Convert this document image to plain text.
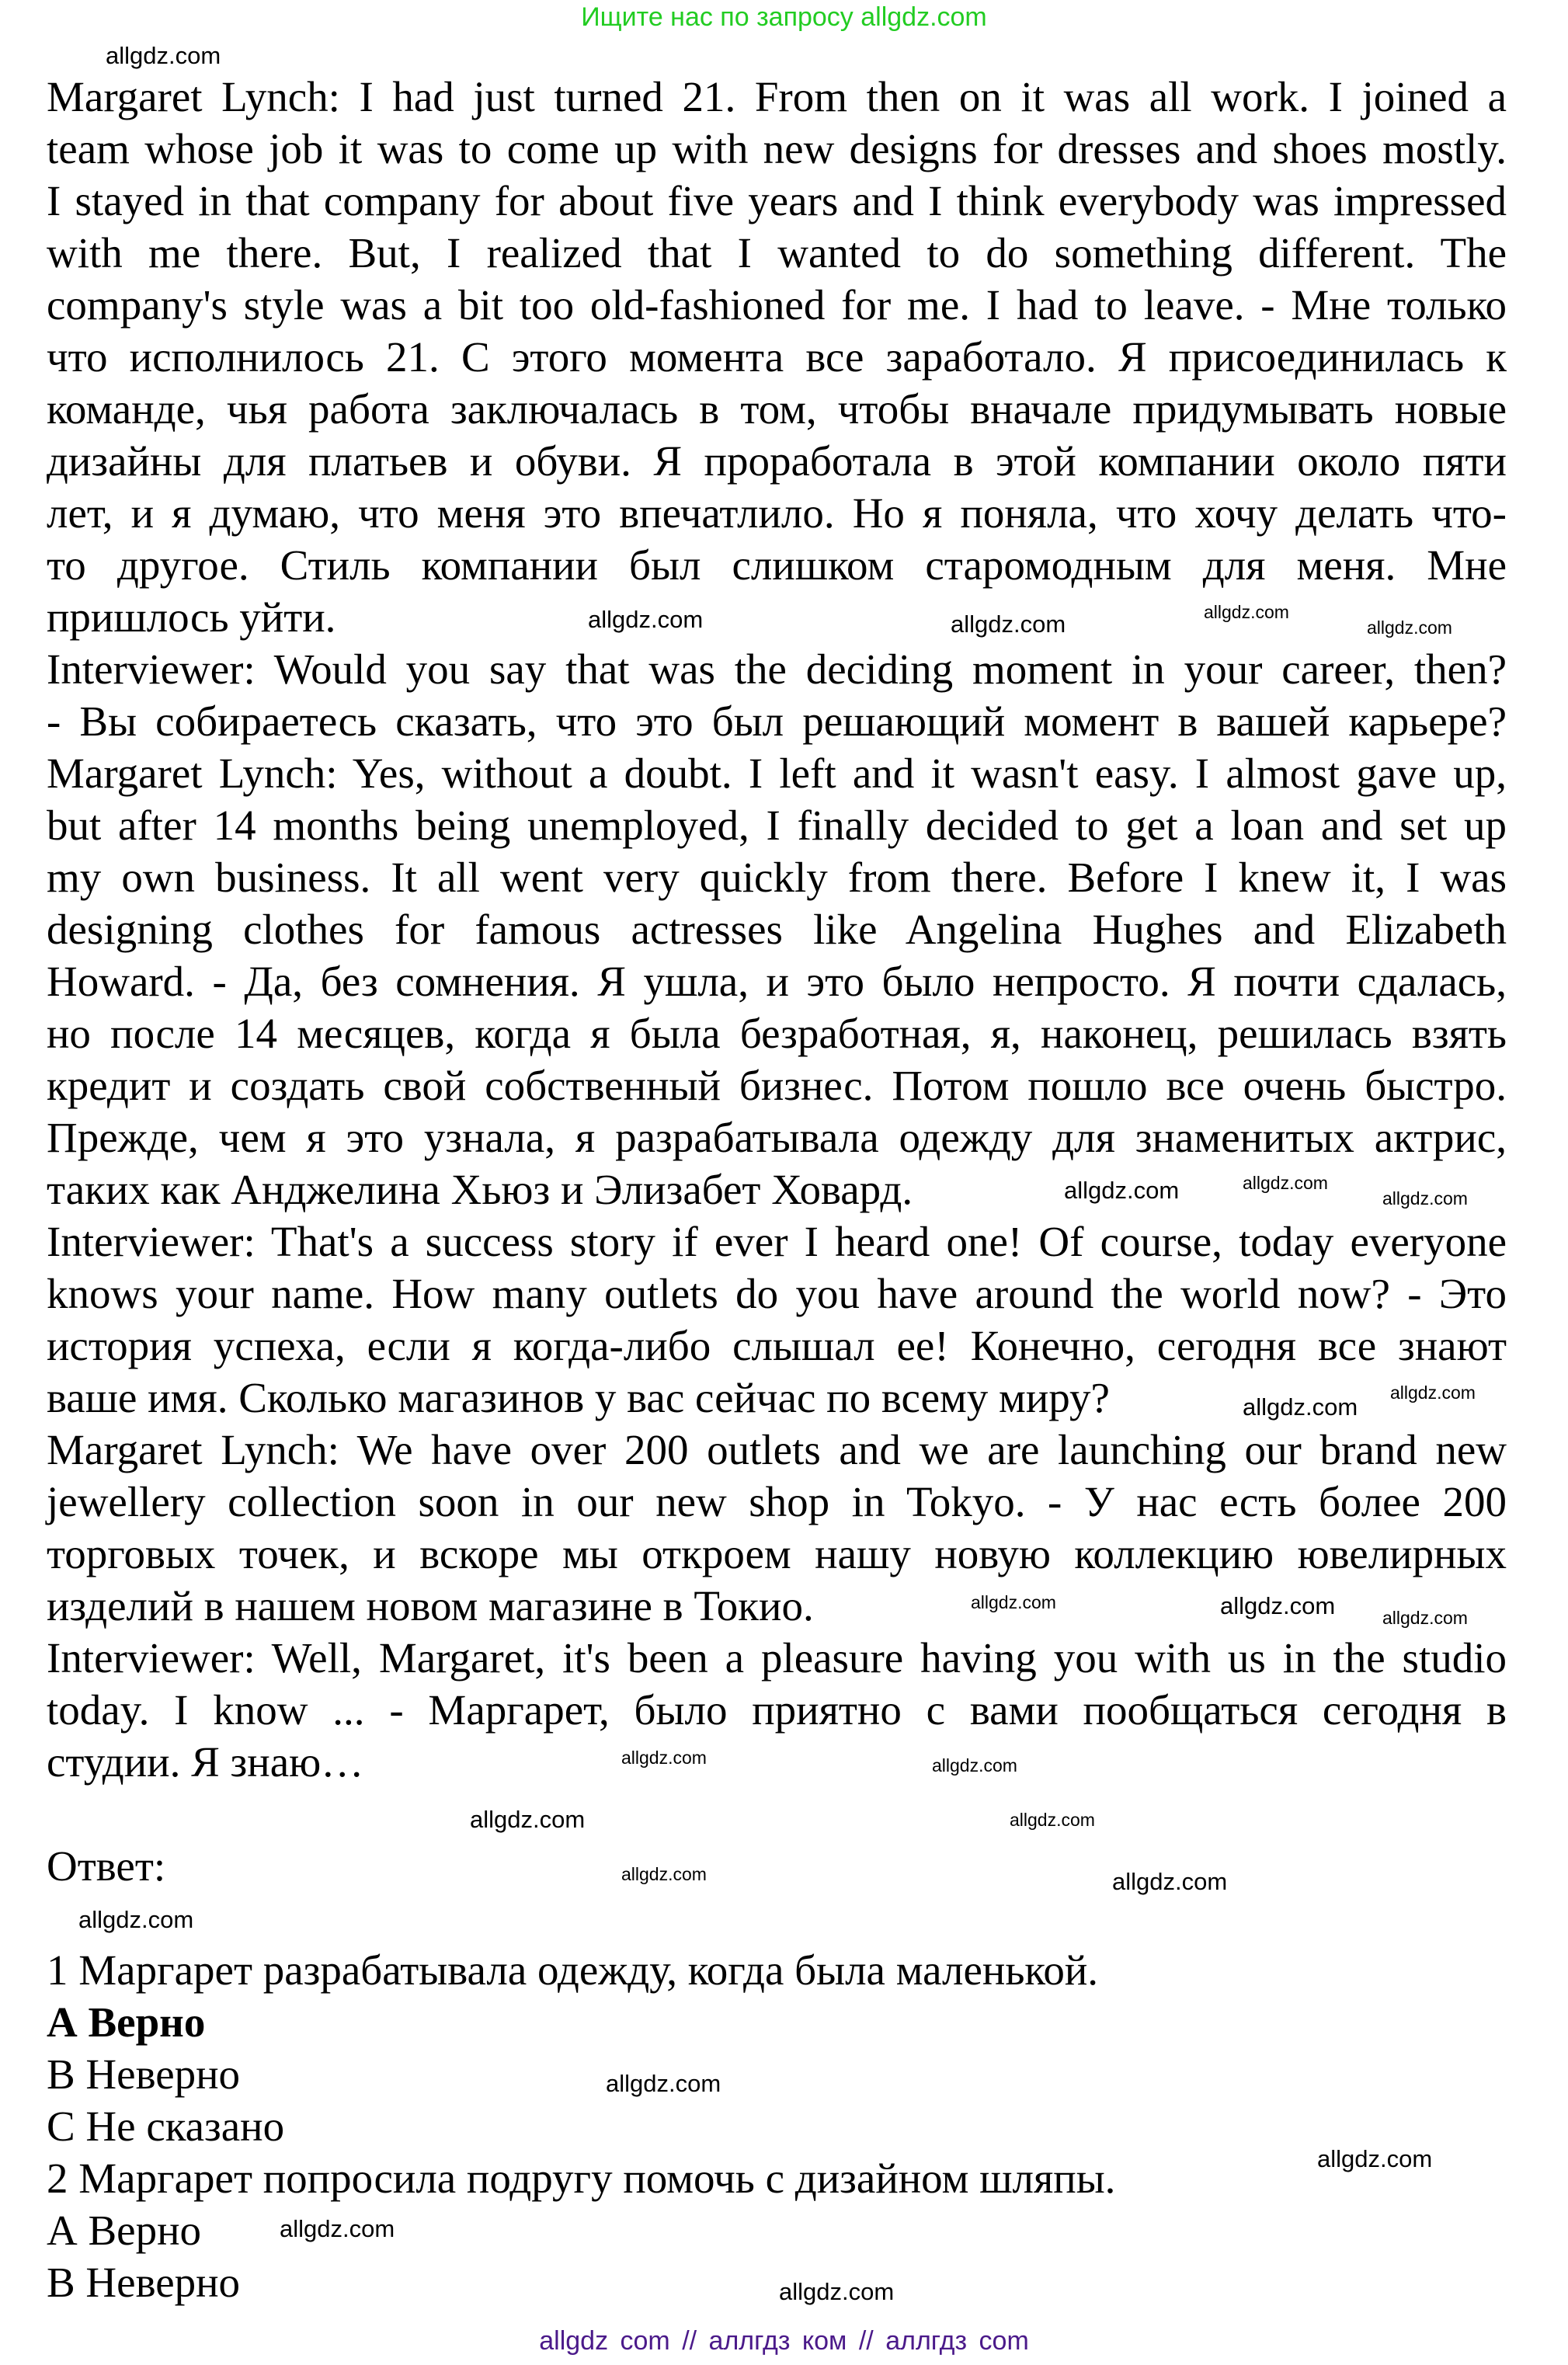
Ищите нас по запросу allgdz.com
Margaret Lynch: I had just turned 21. From then on it was all work. I joined a
team whose job it was to come up with new designs for dresses and shoes mostly.
I stayed in that company for about five years and I think everybody was impressed
with me there. But, I realized that I wanted to do something different. The
company's style was a bit too old-fashioned for me. I had to leave. - Мне только
что исполнилось 21. С этого момента все заработало. Я присоединилась к
команде, чья работа заключалась в том, чтобы вначале придумывать новые
дизайны для платьев и обуви. Я проработала в этой компании около пяти
лет, и я думаю, что меня это впечатлило. Но я поняла, что хочу делать что-
то другое. Стиль компании был слишком старомодным для меня. Мне
пришлось уйти.
Interviewer: Would you say that was the deciding moment in your career, then?
- Вы собираетесь сказать, что это был решающий момент в вашей карьере?
Margaret Lynch: Yes, without a doubt. I left and it wasn't easy. I almost gave up,
but after 14 months being unemployed, I finally decided to get a loan and set up
my own business. It all went very quickly from there. Before I knew it, I was
designing clothes for famous actresses like Angelina Hughes and Elizabeth
Howard. - Да, без сомнения. Я ушла, и это было непросто. Я почти сдалась,
но после 14 месяцев, когда я была безработная, я, наконец, решилась взять
кредит и создать свой собственный бизнес. Потом пошло все очень быстро.
Прежде, чем я это узнала, я разрабатывала одежду для знаменитых актрис,
таких как Анджелина Хьюз и Элизабет Ховард.
Interviewer: That's a success story if ever I heard one! Of course, today everyone
knows your name. How many outlets do you have around the world now? - Это
история успеха, если я когда-либо слышал ее! Конечно, сегодня все знают
ваше имя. Сколько магазинов у вас сейчас по всему миру?
Margaret Lynch: We have over 200 outlets and we are launching our brand new
jewellery collection soon in our new shop in Tokyo. - У нас есть более 200
торговых точек, и вскоре мы откроем нашу новую коллекцию ювелирных
изделий в нашем новом магазине в Токио.
Interviewer: Well, Margaret, it's been a pleasure having you with us in the studio
today. I know ... - Маргарет, было приятно с вами пообщаться сегодня в
студии. Я знаю…
Ответ:
1 Маргарет разрабатывала одежду, когда была маленькой.
А Верно
В Неверно
С Не сказано
2 Маргарет попросила подругу помочь с дизайном шляпы.
А Верно
В Неверно
allgdz.com
allgdz.com	allgdz.com	allgdz.com
allgdz.com
allgdz.com	allgdz.com
allgdz.com
allgdz.com
allgdz.com
allgdz.com	allgdz.com	allgdz.com
allgdz.com	allgdz.com
allgdz.com	allgdz.com
allgdz.com	allgdz.com
allgdz.com
allgdz.com
allgdz.com
allgdz.com
allgdz.com
allgdz com // аллгдз ком // аллгдз com
